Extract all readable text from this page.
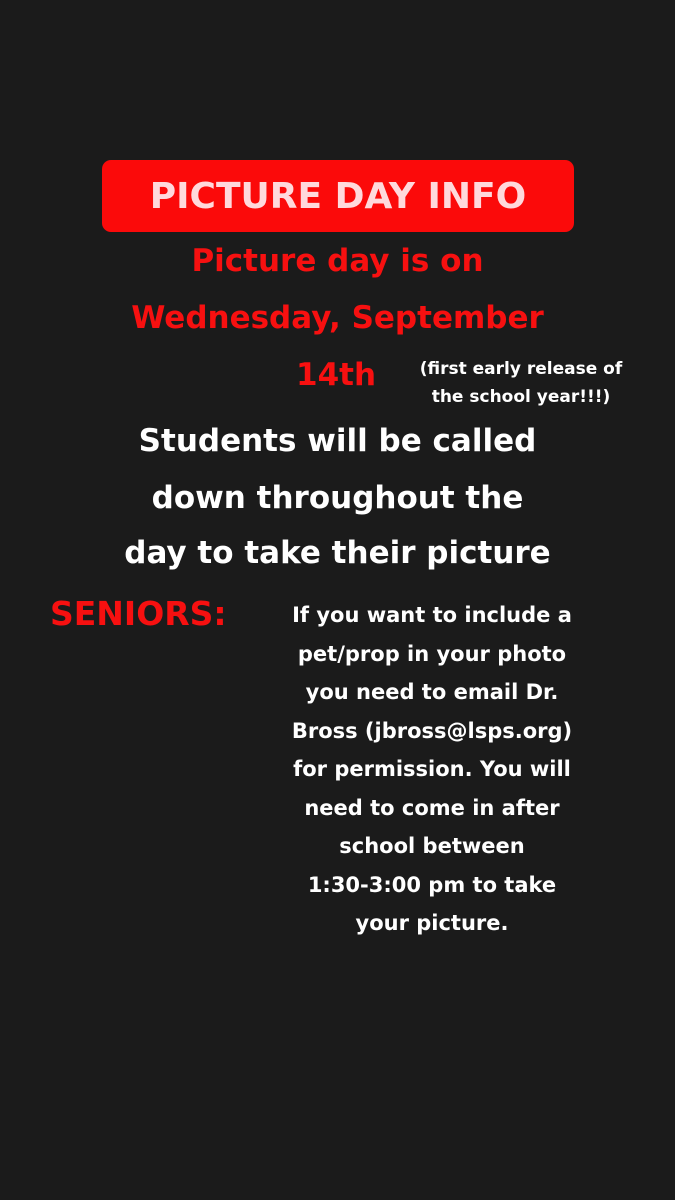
PICTURE DAY INFO
Picture day is on
Wednesday, September
14th	(first early release of
the school year!!!)
Students will be called
down throughout the
day to take their picture
SENIORS:	If you want to include a
pet/prop in your photo
you need to email Dr.
Bross (jbross@lsps.org)
for permission. You will
need to come in after
school between
1:30-3:00 pm to take
your picture.
